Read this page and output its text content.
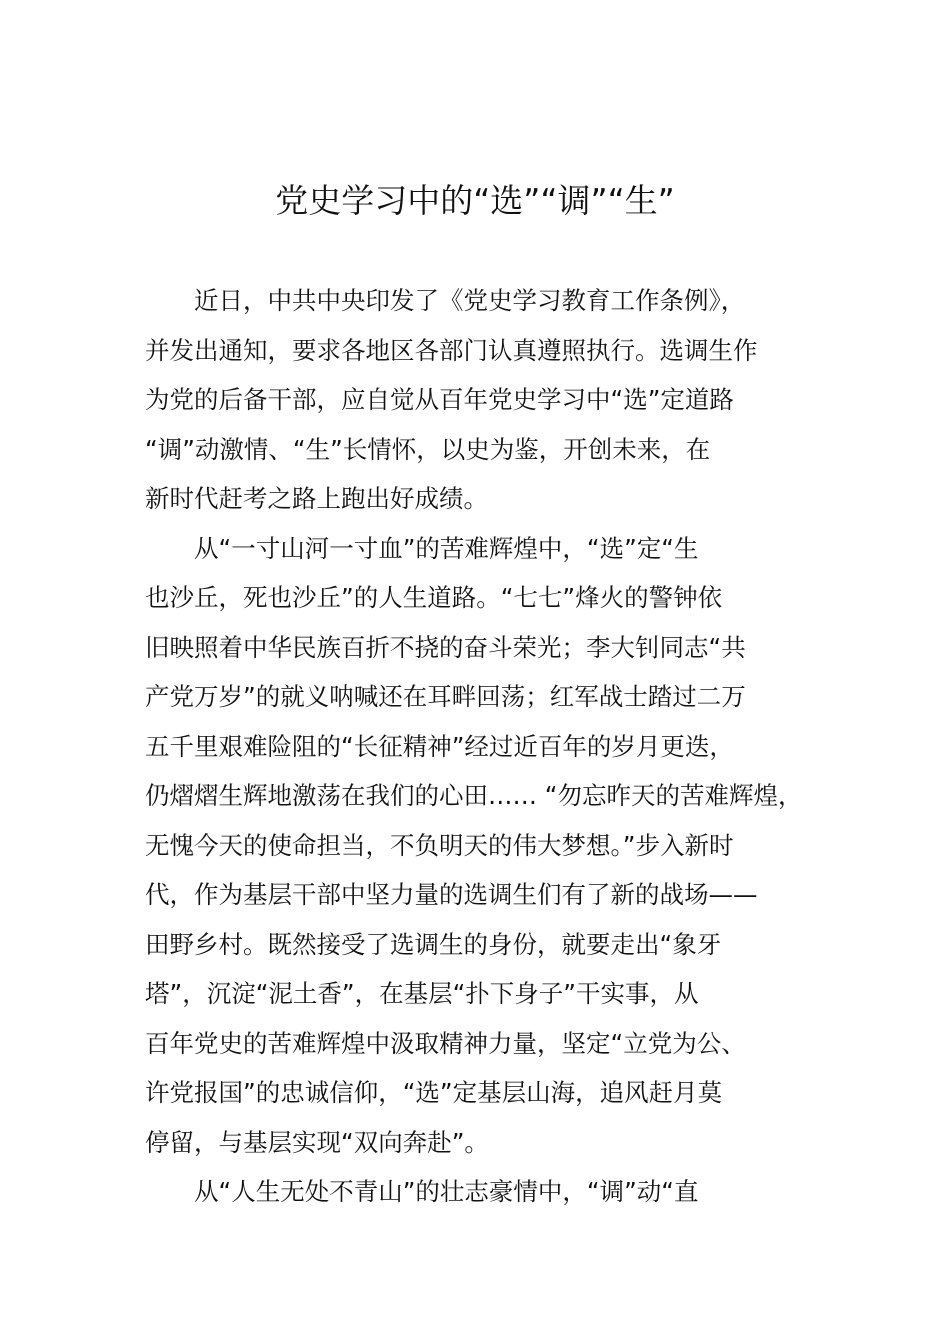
党史学习中的“选”“调”“生”
近日，中共中央印发了《党史学习教育工作条例》，
并发出通知，要求各地区各部门认真遵照执行。选调生作
为党的后备干部，应自觉从百年党史学习中“选”定道路
“调”动激情、“生”长情怀，以史为鉴，开创未来，在
新时代赶考之路上跑出好成绩。
从“一寸山河一寸血”的苦难辉煌中，“选”定“生
也沙丘，死也沙丘”的人生道路。“七七”烽火的警钟依
旧映照着中华民族百折不挠的奋斗荣光；李大钊同志“共
产党万岁”的就义呐喊还在耳畔回荡；红军战士踏过二万
五千里艰难险阻的“长征精神”经过近百年的岁月更迭，
仍熠熠生辉地激荡在我们的心田…… “勿忘昨天的苦难辉煌，
无愧今天的使命担当，不负明天的伟大梦想。”步入新时
代，作为基层干部中坚力量的选调生们有了新的战场——
田野乡村。既然接受了选调生的身份，就要走出“象牙
塔”，沉淀“泥土香”，在基层“扑下身子”干实事，从
百年党史的苦难辉煌中汲取精神力量，坚定“立党为公、
许党报国”的忠诚信仰，“选”定基层山海，追风赶月莫
停留，与基层实现“双向奔赴”。
从“人生无处不青山”的壮志豪情中，“调”动“直
